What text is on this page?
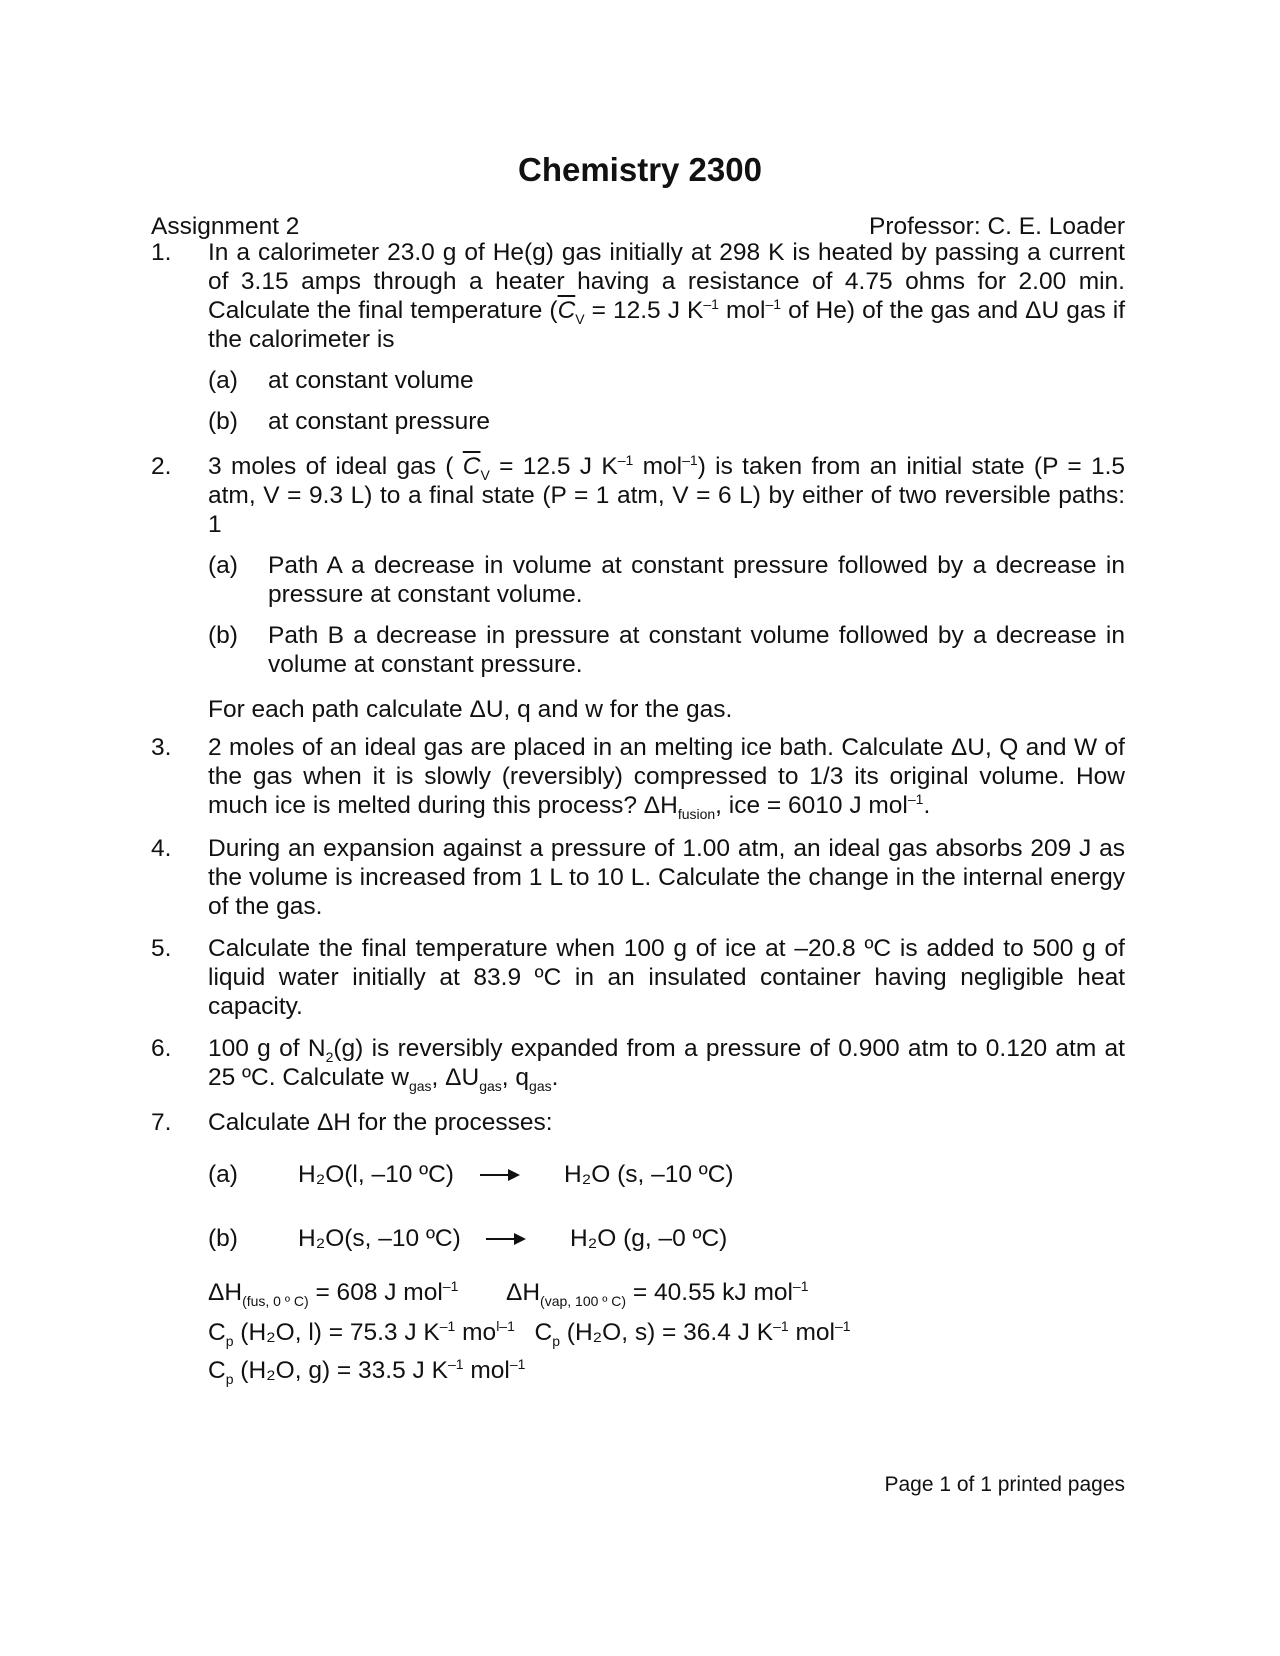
Chemistry 2300
Assignment 2	Professor: C. E. Loader
1. In a calorimeter 23.0 g of He(g) gas initially at 298 K is heated by passing a current of 3.15 amps through a heater having a resistance of 4.75 ohms for 2.00 min. Calculate the final temperature ($\overline{C}_V = 12.5$ J $K^{-1}$ mol$^{-1}$ of He) of the gas and ΔU gas if the calorimeter is
(a) at constant volume
(b) at constant pressure
2. 3 moles of ideal gas ( $\overline{C}_V = 12.5$ J $K^{-1}$ mol$^{-1}$) is taken from an initial state (P = 1.5 atm, V = 9.3 L) to a final state (P = 1 atm, V = 6 L) by either of two reversible paths: 1
(a) Path A a decrease in volume at constant pressure followed by a decrease in pressure at constant volume.
(b) Path B a decrease in pressure at constant volume followed by a decrease in volume at constant pressure.
For each path calculate ΔU, q and w for the gas.
3. 2 moles of an ideal gas are placed in an melting ice bath. Calculate ΔU, Q and W of the gas when it is slowly (reversibly) compressed to 1/3 its original volume. How much ice is melted during this process? $\Delta H_{fusion}$, ice = 6010 J mol$^{-1}$.
4. During an expansion against a pressure of 1.00 atm, an ideal gas absorbs 209 J as the volume is increased from 1 L to 10 L. Calculate the change in the internal energy of the gas.
5. Calculate the final temperature when 100 g of ice at –20.8 ºC is added to 500 g of liquid water initially at 83.9 ºC in an insulated container having negligible heat capacity.
6. 100 g of $N_2(g)$ is reversibly expanded from a pressure of 0.900 atm to 0.120 atm at 25 ºC. Calculate $w_{gas}$, $\Delta U_{gas}$, $q_{gas}$.
7. Calculate ΔH for the processes:
(a) H₂O(l, –10 ºC)	H₂O (s, –10 ºC)
(b) H₂O(s, –10 ºC)	H₂O (g, –0 ºC)
$\Delta H_{(fus, 0 º C)} = 608$ J mol$^{-1}$ $\Delta H_{(vap, 100 º C)} = 40.55$ kJ mol$^{-1}$
$C_p$ (H₂O, l) = 75.3 J $K^{-1}$ $mo^{l-1}$ $C_p$ (H₂O, s) = 36.4 J $K^{-1}$ mol$^{-1}$
$C_p$ (H₂O, g) = 33.5 J $K^{-1}$ mol$^{-1}$
Page 1 of 1 printed pages
